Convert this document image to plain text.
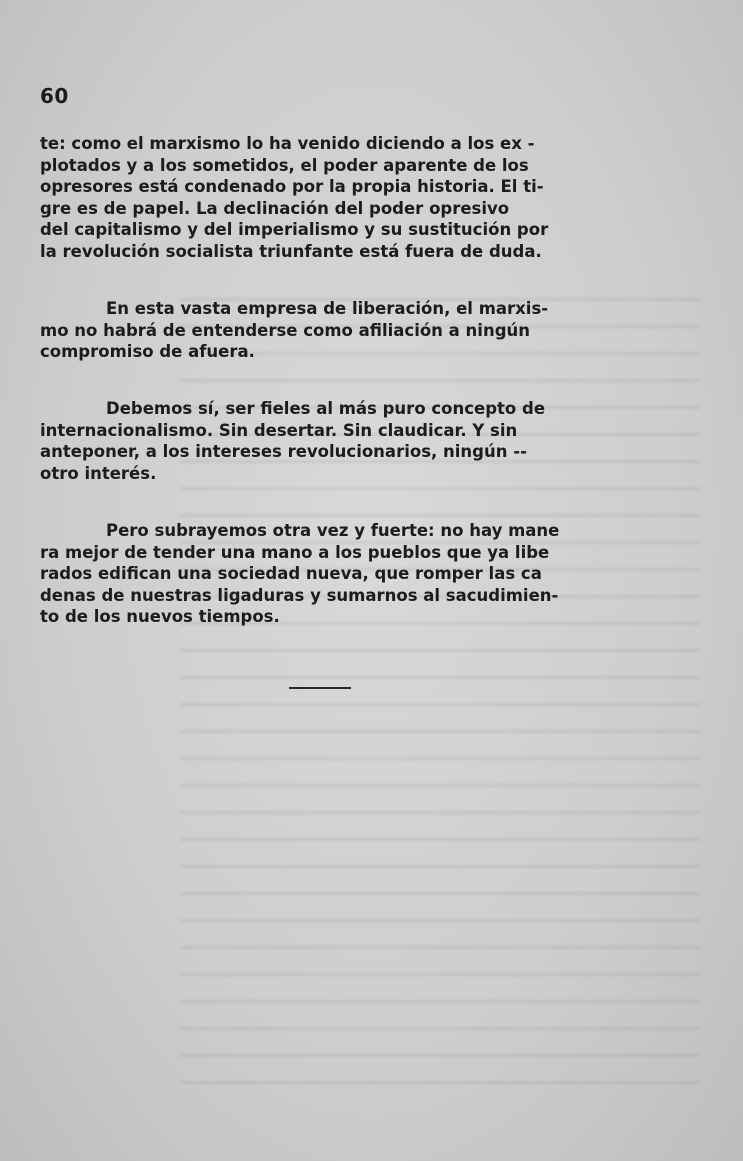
60
te: como el marxismo lo ha venido diciendo a los ex -
plotados y a los sometidos, el poder aparente de los
opresores está condenado por la propia historia. El ti-
gre es de papel. La declinación del poder opresivo
del capitalismo y del imperialismo y su sustitución por
la revolución socialista triunfante está fuera de duda.
En esta vasta empresa de liberación, el marxis-
mo no habrá de entenderse como afiliación a ningún
compromiso de afuera.
Debemos sí, ser fieles al más puro concepto de
internacionalismo. Sin desertar. Sin claudicar. Y sin
anteponer, a los intereses revolucionarios, ningún --
otro interés.
Pero subrayemos otra vez y fuerte: no hay mane
ra mejor de tender una mano a los pueblos que ya libe
rados edifican una sociedad nueva, que romper las ca
denas de nuestras ligaduras y sumarnos al sacudimien-
to de los nuevos tiempos.
